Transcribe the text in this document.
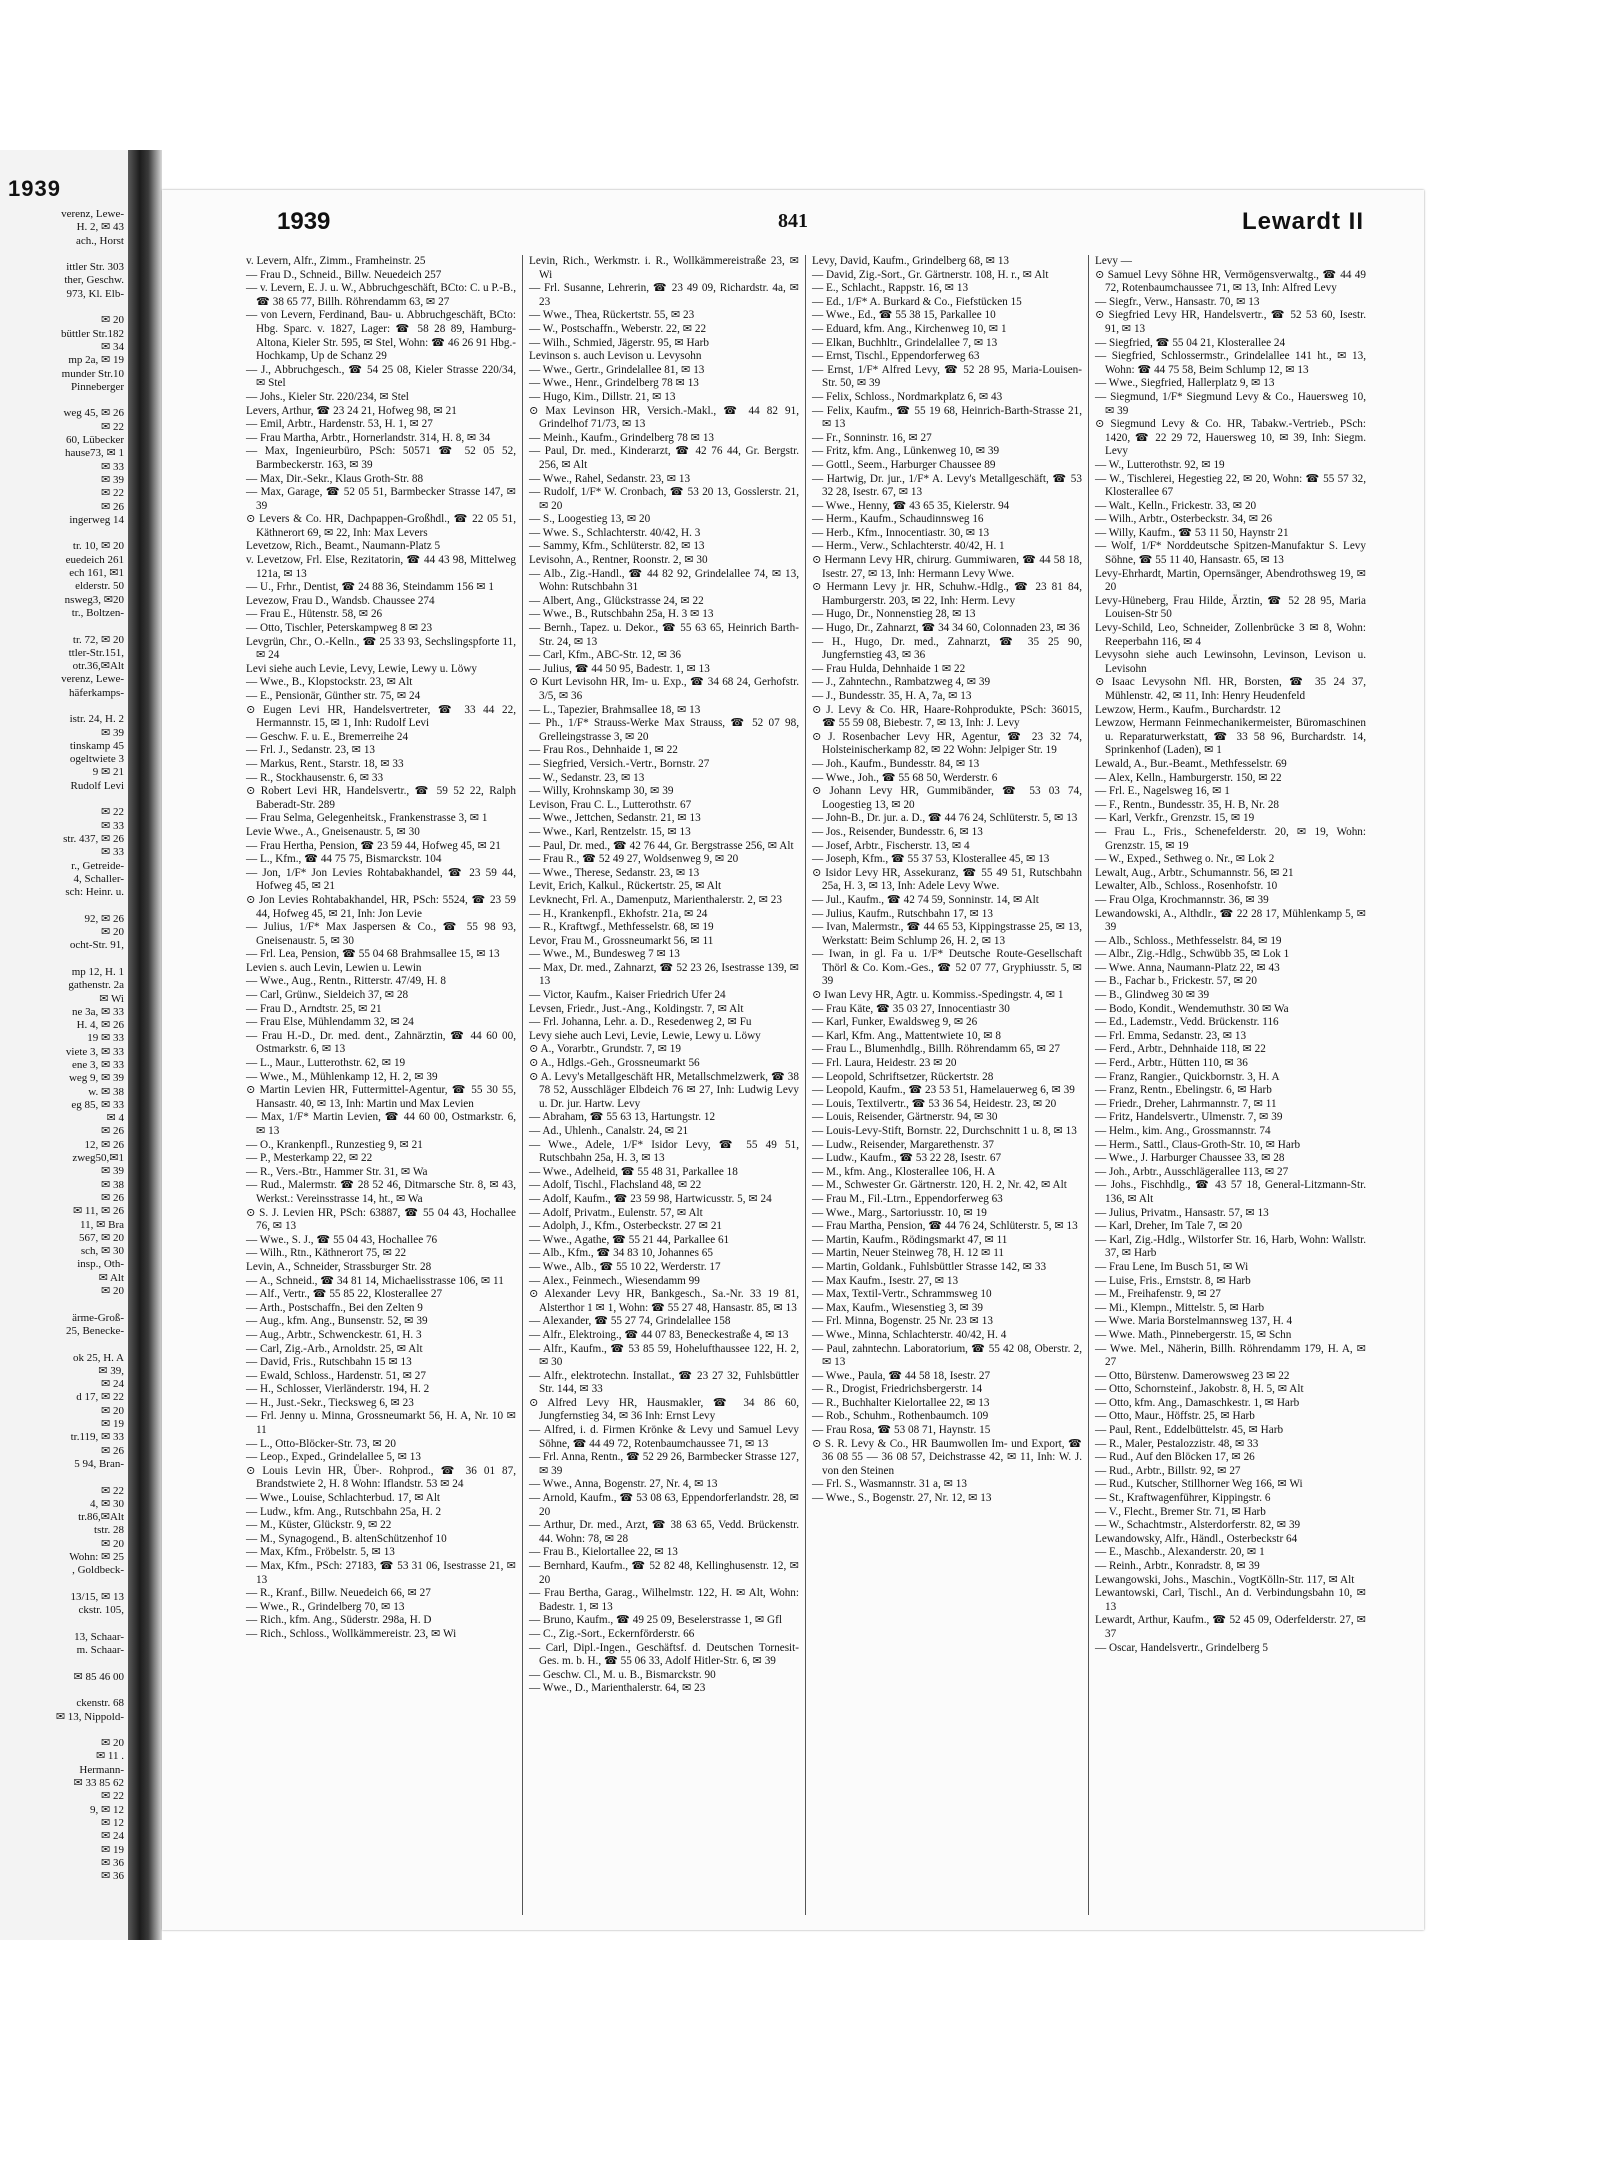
1939
verenz, Lewe-
H. 2, ✉ 43
ach., Horst

ittler Str. 303
ther, Geschw.
973, Kl. Elb-

✉ 20
büttler Str.182
✉ 34
mp 2a, ✉ 19
munder Str.10
Pinneberger

weg 45, ✉ 26
✉ 22
60, Lübecker
hause73, ✉ 1
✉ 33
✉ 39
✉ 22
✉ 26
ingerweg 14

tr. 10, ✉ 20
euedeich 261
ech 161, ✉1
elderstr. 50
nsweg3, ✉20
tr., Boltzen-

tr. 72, ✉ 20
ttler-Str.151,
otr.36,✉Alt
verenz, Lewe-
häferkamps-

istr. 24, H. 2
✉ 39
tinskamp 45
ogeltwiete 3
9 ✉ 21
Rudolf Levi

✉ 22
✉ 33
str. 437, ✉ 26
✉ 33
r., Getreide-
4, Schaller-
sch: Heinr. u.

92, ✉ 26
✉ 20
ocht-Str. 91,

mp 12, H. 1
gathenstr. 2a
✉ Wi
ne 3a, ✉ 33
H. 4, ✉ 26
19 ✉ 33
viete 3, ✉ 33
ene 3, ✉ 33
weg 9, ✉ 39
w. ✉ 38
eg 85, ✉ 33
✉ 4
✉ 26
12, ✉ 26
zweg50,✉1
✉ 39
✉ 38
✉ 26
✉ 11, ✉ 26
11, ✉ Bra
567, ✉ 20
sch, ✉ 30
insp., Oth-
✉ Alt
✉ 20

ärme-Groß-
25, Benecke-

ok 25, H. A
✉ 39,
✉ 24
d 17, ✉ 22
✉ 20
✉ 19
tr.119, ✉ 33
✉ 26
5 94, Bran-

✉ 22
4, ✉ 30
tr.86,✉Alt
tstr. 28
✉ 20
Wohn: ✉ 25
, Goldbeck-

13/15, ✉ 13
ckstr. 105,

13, Schaar-
m. Schaar-

✉ 85 46 00

ckenstr. 68
✉ 13, Nippold-

✉ 20
✉ 11 .
Hermann-
✉ 33 85 62
✉ 22
9, ✉ 12
✉ 12
✉ 24
✉ 19
✉ 36
✉ 36
1939	841	Lewardt II

v. Levern, Alfr., Zimm., Framheinstr. 25

— Frau D., Schneid., Billw. Neuedeich 257

— v. Levern, E. J. u. W., Abbruchgeschäft, BCto: C. u P.-B., ☎ 38 65 77, Billh. Röhrendamm 63, ✉ 27

— von Levern, Ferdinand, Bau- u. Abbruchgeschäft, BCto: Hbg. Sparc. v. 1827, Lager: ☎ 58 28 89, Hamburg-Altona, Kieler Str. 595, ✉ Stel, Wohn: ☎ 46 26 91 Hbg.-Hochkamp, Up de Schanz 29

— J., Abbruchgesch., ☎ 54 25 08, Kieler Strasse 220/34, ✉ Stel

— Johs., Kieler Str. 220/234, ✉ Stel

Levers, Arthur, ☎ 23 24 21, Hofweg 98, ✉ 21

— Emil, Arbtr., Hardenstr. 53, H. 1, ✉ 27

— Frau Martha, Arbtr., Hornerlandstr. 314, H. 8, ✉ 34

— Max, Ingenieurbüro, PSch: 50571 ☎ 52 05 52, Barmbeckerstr. 163, ✉ 39

— Max, Dir.-Sekr., Klaus Groth-Str. 88

— Max, Garage, ☎ 52 05 51, Barmbecker Strasse 147, ✉ 39

⊙ Levers & Co. HR, Dachpappen-Großhdl., ☎ 22 05 51, Käthnerort 69, ✉ 22, Inh: Max Levers

Levetzow, Rich., Beamt., Naumann-Platz 5

v. Levetzow, Frl. Else, Rezitatorin, ☎ 44 43 98, Mittelweg 121a, ✉ 13

— U., Frhr., Dentist, ☎ 24 88 36, Steindamm 156 ✉ 1

Levezow, Frau D., Wandsb. Chaussee 274

— Frau E., Hütenstr. 58, ✉ 26

— Otto, Tischler, Peterskampweg 8 ✉ 23

Levgrün, Chr., O.-Kelln., ☎ 25 33 93, Sechslingspforte 11, ✉ 24

Levi siehe auch Levie, Levy, Lewie, Lewy u. Löwy

— Wwe., B., Klopstockstr. 23, ✉ Alt

— E., Pensionär, Günther str. 75, ✉ 24

⊙ Eugen Levi HR, Handelsvertreter, ☎ 33 44 22, Hermannstr. 15, ✉ 1, Inh: Rudolf Levi

— Geschw. F. u. E., Bremerreihe 24

— Frl. J., Sedanstr. 23, ✉ 13

— Markus, Rent., Starstr. 18, ✉ 33

— R., Stockhausenstr. 6, ✉ 33

⊙ Robert Levi HR, Handelsvertr., ☎ 59 52 22, Ralph Baberadt-Str. 289

— Frau Selma, Gelegenheitsk., Frankenstrasse 3, ✉ 1

Levie Wwe., A., Gneisenaustr. 5, ✉ 30

— Frau Hertha, Pension, ☎ 23 59 44, Hofweg 45, ✉ 21

— L., Kfm., ☎ 44 75 75, Bismarckstr. 104

— Jon, 1/F* Jon Levies Rohtabakhandel, ☎ 23 59 44, Hofweg 45, ✉ 21

⊙ Jon Levies Rohtabakhandel, HR, PSch: 5524, ☎ 23 59 44, Hofweg 45, ✉ 21, Inh: Jon Levie

— Julius, 1/F* Max Jaspersen & Co., ☎ 55 98 93, Gneisenaustr. 5, ✉ 30

— Frl. Lea, Pension, ☎ 55 04 68 Brahmsallee 15, ✉ 13

Levien s. auch Levin, Lewien u. Lewin

— Wwe., Aug., Rentn., Ritterstr. 47/49, H. 8

— Carl, Grünw., Sieldeich 37, ✉ 28

— Frau D., Arndtstr. 25, ✉ 21

— Frau Else, Mühlendamm 32, ✉ 24

— Frau H.-D., Dr. med. dent., Zahnärztin, ☎ 44 60 00, Ostmarkstr. 6, ✉ 13

— L., Maur., Lutterothstr. 62, ✉ 19

— Wwe., M., Mühlenkamp 12, H. 2, ✉ 39

⊙ Martin Levien HR, Futtermittel-Agentur, ☎ 55 30 55, Hansastr. 40, ✉ 13, Inh: Martin und Max Levien

— Max, 1/F* Martin Levien, ☎ 44 60 00, Ostmarkstr. 6, ✉ 13

— O., Krankenpfl., Runzestieg 9, ✉ 21

— P., Mesterkamp 22, ✉ 22

— R., Vers.-Btr., Hammer Str. 31, ✉ Wa

— Rud., Malermstr. ☎ 28 52 46, Ditmarsche Str. 8, ✉ 43, Werkst.: Vereinsstrasse 14, ht., ✉ Wa

⊙ S. J. Levien HR, PSch: 63887, ☎ 55 04 43, Hochallee 76, ✉ 13

— Wwe., S. J., ☎ 55 04 43, Hochallee 76

— Wilh., Rtn., Käthnerort 75, ✉ 22

Levin, A., Schneider, Strassburger Str. 28

— A., Schneid., ☎ 34 81 14, Michaelisstrasse 106, ✉ 11

— Alf., Vertr., ☎ 55 85 22, Klosterallee 27

— Arth., Postschaffn., Bei den Zelten 9

— Aug., kfm. Ang., Bunsenstr. 52, ✉ 39

— Aug., Arbtr., Schwenckestr. 61, H. 3

— Carl, Zig.-Arb., Arnoldstr. 25, ✉ Alt

— David, Fris., Rutschbahn 15 ✉ 13

— Ewald, Schloss., Hardenstr. 51, ✉ 27

— H., Schlosser, Vierländerstr. 194, H. 2

— H., Just.-Sekr., Tiecksweg 6, ✉ 23

— Frl. Jenny u. Minna, Grossneumarkt 56, H. A, Nr. 10 ✉ 11

— L., Otto-Blöcker-Str. 73, ✉ 20

— Leop., Exped., Grindelallee 5, ✉ 13

⊙ Louis Levin HR, Über-. Rohprod., ☎ 36 01 87, Brandstwiete 2, H. 8 Wohn: Iflandstr. 53 ✉ 24

— Wwe., Louise, Schlachterbud. 17, ✉ Alt

— Ludw., kfm. Ang., Rutschbahn 25a, H. 2

— M., Küster, Glückstr. 9, ✉ 22

— M., Synagogend., B. altenSchützenhof 10

— Max, Kfm., Fröbelstr. 5, ✉ 13

— Max, Kfm., PSch: 27183, ☎ 53 31 06, Isestrasse 21, ✉ 13

— R., Kranf., Billw. Neuedeich 66, ✉ 27

— Wwe., R., Grindelberg 70, ✉ 13

— Rich., kfm. Ang., Süderstr. 298a, H. D

— Rich., Schloss., Wollkämmereistr. 23, ✉ Wi

Levin, Rich., Werkmstr. i. R., Wollkämmereistraße 23, ✉ Wi

— Frl. Susanne, Lehrerin, ☎ 23 49 09, Richardstr. 4a, ✉ 23

— Wwe., Thea, Rückertstr. 55, ✉ 23

— W., Postschaffn., Weberstr. 22, ✉ 22

— Wilh., Schmied, Jägerstr. 95, ✉ Harb

Levinson s. auch Levison u. Levysohn

— Wwe., Gertr., Grindelallee 81, ✉ 13

— Wwe., Henr., Grindelberg 78 ✉ 13

— Hugo, Kim., Dillstr. 21, ✉ 13

⊙ Max Levinson HR, Versich.-Makl., ☎ 44 82 91, Grindelhof 71/73, ✉ 13

— Meinh., Kaufm., Grindelberg 78 ✉ 13

— Paul, Dr. med., Kinderarzt, ☎ 42 76 44, Gr. Bergstr. 256, ✉ Alt

— Wwe., Rahel, Sedanstr. 23, ✉ 13

— Rudolf, 1/F* W. Cronbach, ☎ 53 20 13, Gosslerstr. 21, ✉ 20

— S., Loogestieg 13, ✉ 20

— Wwe. S., Schlachterstr. 40/42, H. 3

— Sammy, Kfm., Schlüterstr. 82, ✉ 13

Levisohn, A., Rentner, Roonstr. 2, ✉ 30

— Alb., Zig.-Handl., ☎ 44 82 92, Grindelallee 74, ✉ 13, Wohn: Rutschbahn 31

— Albert, Ang., Glückstrasse 24, ✉ 22

— Wwe., B., Rutschbahn 25a, H. 3 ✉ 13

— Bernh., Tapez. u. Dekor., ☎ 55 63 65, Heinrich Barth-Str. 24, ✉ 13

— Carl, Kfm., ABC-Str. 12, ✉ 36

— Julius, ☎ 44 50 95, Badestr. 1, ✉ 13

⊙ Kurt Levisohn HR, Im- u. Exp., ☎ 34 68 24, Gerhofstr. 3/5, ✉ 36

— L., Tapezier, Brahmsallee 18, ✉ 13

— Ph., 1/F* Strauss-Werke Max Strauss, ☎ 52 07 98, Grelleingstrasse 3, ✉ 20

— Frau Ros., Dehnhaide 1, ✉ 22

— Siegfried, Versich.-Vertr., Bornstr. 27

— W., Sedanstr. 23, ✉ 13

— Willy, Krohnskamp 30, ✉ 39

Levison, Frau C. L., Lutterothstr. 67

— Wwe., Jettchen, Sedanstr. 21, ✉ 13

— Wwe., Karl, Rentzelstr. 15, ✉ 13

— Paul, Dr. med., ☎ 42 76 44, Gr. Bergstrasse 256, ✉ Alt

— Frau R., ☎ 52 49 27, Woldsenweg 9, ✉ 20

— Wwe., Therese, Sedanstr. 23, ✉ 13

Levit, Erich, Kalkul., Rückertstr. 25, ✉ Alt

Levknecht, Frl. A., Damenputz, Marienthalerstr. 2, ✉ 23

— H., Krankenpfl., Ekhofstr. 21a, ✉ 24

— R., Kraftwgf., Methfesselstr. 68, ✉ 19

Levor, Frau M., Grossneumarkt 56, ✉ 11

— Wwe., M., Bundesweg 7 ✉ 13

— Max, Dr. med., Zahnarzt, ☎ 52 23 26, Isestrasse 139, ✉ 13

— Victor, Kaufm., Kaiser Friedrich Ufer 24

Levsen, Friedr., Just.-Ang., Koldingstr. 7, ✉ Alt

— Frl. Johanna, Lehr. a. D., Resedenweg 2, ✉ Fu

Levy siehe auch Levi, Levie, Lewie, Lewy u. Löwy

⊙ A., Vorarbtr., Grundstr. 7, ✉ 19

⊙ A., Hdlgs.-Geh., Grossneumarkt 56

⊙ A. Levy's Metallgeschäft HR, Metallschmelzwerk, ☎ 38 78 52, Ausschläger Elbdeich 76 ✉ 27, Inh: Ludwig Levy u. Dr. jur. Hartw. Levy

— Abraham, ☎ 55 63 13, Hartungstr. 12

— Ad., Uhlenh., Canalstr. 24, ✉ 21

— Wwe., Adele, 1/F* Isidor Levy, ☎ 55 49 51, Rutschbahn 25a, H. 3, ✉ 13

— Wwe., Adelheid, ☎ 55 48 31, Parkallee 18

— Adolf, Tischl., Flachsland 48, ✉ 22

— Adolf, Kaufm., ☎ 23 59 98, Hartwicusstr. 5, ✉ 24

— Adolf, Privatm., Eulenstr. 57, ✉ Alt

— Adolph, J., Kfm., Osterbeckstr. 27 ✉ 21

— Wwe., Agathe, ☎ 55 21 44, Parkallee 61

— Alb., Kfm., ☎ 34 83 10, Johannes 65

— Wwe., Alb., ☎ 55 10 22, Werderstr. 17

— Alex., Feinmech., Wiesendamm 99

⊙ Alexander Levy HR, Bankgesch., Sa.-Nr. 33 19 81, Alsterthor 1 ✉ 1, Wohn: ☎ 55 27 48, Hansastr. 85, ✉ 13

— Alexander, ☎ 55 27 74, Grindelallee 158

— Alfr., Elektroing., ☎ 44 07 83, Beneckestraße 4, ✉ 13

— Alfr., Kaufm., ☎ 53 85 59, Hohelufthaussee 122, H. 2, ✉ 30

— Alfr., elektrotechn. Installat., ☎ 23 27 32, Fuhlsbüttler Str. 144, ✉ 33

⊙ Alfred Levy HR, Hausmakler, ☎ 34 86 60, Jungfernstieg 34, ✉ 36 Inh: Ernst Levy

— Alfred, i. d. Firmen Krönke & Levy und Samuel Levy Söhne, ☎ 44 49 72, Rotenbaumchaussee 71, ✉ 13

— Frl. Anna, Rentn., ☎ 52 29 26, Barmbecker Strasse 127, ✉ 39

— Wwe., Anna, Bogenstr. 27, Nr. 4, ✉ 13

— Arnold, Kaufm., ☎ 53 08 63, Eppendorferlandstr. 28, ✉ 20

— Arthur, Dr. med., Arzt, ☎ 38 63 65, Vedd. Brückenstr. 44. Wohn: 78, ✉ 28

— Frau B., Kielortallee 22, ✉ 13

— Bernhard, Kaufm., ☎ 52 82 48, Kellinghusenstr. 12, ✉ 20

— Frau Bertha, Garag., Wilhelmstr. 122, H. ✉ Alt, Wohn: Badestr. 1, ✉ 13

— Bruno, Kaufm., ☎ 49 25 09, Beselerstrasse 1, ✉ Gfl

— C., Zig.-Sort., Eckernförderstr. 66

— Carl, Dipl.-Ingen., Geschäftsf. d. Deutschen Tornesit-Ges. m. b. H., ☎ 55 06 33, Adolf Hitler-Str. 6, ✉ 39

— Geschw. Cl., M. u. B., Bismarckstr. 90

— Wwe., D., Marienthalerstr. 64, ✉ 23

Levy, David, Kaufm., Grindelberg 68, ✉ 13

— David, Zig.-Sort., Gr. Gärtnerstr. 108, H. r., ✉ Alt

— E., Schlacht., Rappstr. 16, ✉ 13

— Ed., 1/F* A. Burkard & Co., Fiefstücken 15

— Wwe., Ed., ☎ 55 38 15, Parkallee 10

— Eduard, kfm. Ang., Kirchenweg 10, ✉ 1

— Elkan, Buchhltr., Grindelallee 7, ✉ 13

— Ernst, Tischl., Eppendorferweg 63

— Ernst, 1/F* Alfred Levy, ☎ 52 28 95, Maria-Louisen-Str. 50, ✉ 39

— Felix, Schloss., Nordmarkplatz 6, ✉ 43

— Felix, Kaufm., ☎ 55 19 68, Heinrich-Barth-Strasse 21, ✉ 13

— Fr., Sonninstr. 16, ✉ 27

— Fritz, kfm. Ang., Lünkenweg 10, ✉ 39

— Gottl., Seem., Harburger Chaussee 89

— Hartwig, Dr. jur., 1/F* A. Levy's Metallgeschäft, ☎ 53 32 28, Isestr. 67, ✉ 13

— Wwe., Henny, ☎ 43 65 35, Kielerstr. 94

— Herm., Kaufm., Schaudinnsweg 16

— Herb., Kfm., Innocentiastr. 30, ✉ 13

— Herm., Verw., Schlachterstr. 40/42, H. 1

⊙ Hermann Levy HR, chirurg. Gummiwaren, ☎ 44 58 18, Isestr. 27, ✉ 13, Inh: Hermann Levy Wwe.

⊙ Hermann Levy jr. HR, Schuhw.-Hdlg., ☎ 23 81 84, Hamburgerstr. 203, ✉ 22, Inh: Herm. Levy

— Hugo, Dr., Nonnenstieg 28, ✉ 13

— Hugo, Dr., Zahnarzt, ☎ 34 34 60, Colonnaden 23, ✉ 36

— H., Hugo, Dr. med., Zahnarzt, ☎ 35 25 90, Jungfernstieg 43, ✉ 36

— Frau Hulda, Dehnhaide 1 ✉ 22

— J., Zahntechn., Rambatzweg 4, ✉ 39

— J., Bundesstr. 35, H. A, 7a, ✉ 13

⊙ J. Levy & Co. HR, Haare-Rohprodukte, PSch: 36015, ☎ 55 59 08, Biebestr. 7, ✉ 13, Inh: J. Levy

⊙ J. Rosenbacher Levy HR, Agentur, ☎ 23 32 74, Holsteinischerkamp 82, ✉ 22 Wohn: Jelpiger Str. 19

— Joh., Kaufm., Bundesstr. 84, ✉ 13

— Wwe., Joh., ☎ 55 68 50, Werderstr. 6

⊙ Johann Levy HR, Gummibänder, ☎ 53 03 74, Loogestieg 13, ✉ 20

— John-B., Dr. jur. a. D., ☎ 44 76 24, Schlüterstr. 5, ✉ 13

— Jos., Reisender, Bundesstr. 6, ✉ 13

— Josef, Arbtr., Fischerstr. 13, ✉ 4

— Joseph, Kfm., ☎ 55 37 53, Klosterallee 45, ✉ 13

⊙ Isidor Levy HR, Assekuranz, ☎ 55 49 51, Rutschbahn 25a, H. 3, ✉ 13, Inh: Adele Levy Wwe.

— Jul., Kaufm., ☎ 42 74 59, Sonninstr. 14, ✉ Alt

— Julius, Kaufm., Rutschbahn 17, ✉ 13

— Ivan, Malermstr., ☎ 44 65 53, Kippingstrasse 25, ✉ 13, Werkstatt: Beim Schlump 26, H. 2, ✉ 13

— Iwan, in gl. Fa u. 1/F* Deutsche Route-Gesellschaft Thörl & Co. Kom.-Ges., ☎ 52 07 77, Gryphiusstr. 5, ✉ 39

⊙ Iwan Levy HR, Agtr. u. Kommiss.-Spedingstr. 4, ✉ 1

— Frau Käte, ☎ 35 03 27, Innocentiastr 30

— Karl, Funker, Ewaldsweg 9, ✉ 26

— Karl, Kfm. Ang., Mattentwiete 10, ✉ 8

— Frau L., Blumenhdlg., Billh. Röhrendamm 65, ✉ 27

— Frl. Laura, Heidestr. 23 ✉ 20

— Leopold, Schriftsetzer, Rückertstr. 28

— Leopold, Kaufm., ☎ 23 53 51, Hamelauerweg 6, ✉ 39

— Louis, Textilvertr., ☎ 53 36 54, Heidestr. 23, ✉ 20

— Louis, Reisender, Gärtnerstr. 94, ✉ 30

— Louis-Levy-Stift, Bornstr. 22, Durchschnitt 1 u. 8, ✉ 13

— Ludw., Reisender, Margarethenstr. 37

— Ludw., Kaufm., ☎ 53 22 28, Isestr. 67

— M., kfm. Ang., Klosterallee 106, H. A

— M., Schwester Gr. Gärtnerstr. 120, H. 2, Nr. 42, ✉ Alt

— Frau M., Fil.-Ltrn., Eppendorferweg 63

— Wwe., Marg., Sartoriusstr. 10, ✉ 19

— Frau Martha, Pension, ☎ 44 76 24, Schlüterstr. 5, ✉ 13

— Martin, Kaufm., Rödingsmarkt 47, ✉ 11

— Martin, Neuer Steinweg 78, H. 12 ✉ 11

— Martin, Goldank., Fuhlsbüttler Strasse 142, ✉ 33

— Max Kaufm., Isestr. 27, ✉ 13

— Max, Textil-Vertr., Schrammsweg 10

— Max, Kaufm., Wiesenstieg 3, ✉ 39

— Frl. Minna, Bogenstr. 25 Nr. 23 ✉ 13

— Wwe., Minna, Schlachterstr. 40/42, H. 4

— Paul, zahntechn. Laboratorium, ☎ 55 42 08, Oberstr. 2, ✉ 13

— Wwe., Paula, ☎ 44 58 18, Isestr. 27

— R., Drogist, Friedrichsbergerstr. 14

— R., Buchhalter Kielortallee 22, ✉ 13

— Rob., Schuhm., Rothenbaumch. 109

— Frau Rosa, ☎ 53 08 71, Haynstr. 15

⊙ S. R. Levy & Co., HR Baumwollen Im- und Export, ☎ 36 08 55 — 36 08 57, Deichstrasse 42, ✉ 11, Inh: W. J. von den Steinen

— Frl. S., Wasmannstr. 31 a, ✉ 13

— Wwe., S., Bogenstr. 27, Nr. 12, ✉ 13

Levy —

⊙ Samuel Levy Söhne HR, Vermögensverwaltg., ☎ 44 49 72, Rotenbaumchaussee 71, ✉ 13, Inh: Alfred Levy

— Siegfr., Verw., Hansastr. 70, ✉ 13

⊙ Siegfried Levy HR, Handelsvertr., ☎ 52 53 60, Isestr. 91, ✉ 13

— Siegfried, ☎ 55 04 21, Klosterallee 24

— Siegfried, Schlossermstr., Grindelallee 141 ht., ✉ 13, Wohn: ☎ 44 75 58, Beim Schlump 12, ✉ 13

— Wwe., Siegfried, Hallerplatz 9, ✉ 13

— Siegmund, 1/F* Siegmund Levy & Co., Hauersweg 10, ✉ 39

⊙ Siegmund Levy & Co. HR, Tabakw.-Vertrieb., PSch: 1420, ☎ 22 29 72, Hauersweg 10, ✉ 39, Inh: Siegm. Levy

— W., Lutterothstr. 92, ✉ 19

— W., Tischlerei, Hegestieg 22, ✉ 20, Wohn: ☎ 55 57 32, Klosterallee 67

— Walt., Kelln., Frickestr. 33, ✉ 20

— Wilh., Arbtr., Osterbeckstr. 34, ✉ 26

— Willy, Kaufm., ☎ 53 11 50, Haynstr 21

— Wolf, 1/F* Norddeutsche Spitzen-Manufaktur S. Levy Söhne, ☎ 55 11 40, Hansastr. 65, ✉ 13

Levy-Ehrhardt, Martin, Opernsänger, Abendrothsweg 19, ✉ 20

Levy-Hüneberg, Frau Hilde, Ärztin, ☎ 52 28 95, Maria Louisen-Str 50

Levy-Schild, Leo, Schneider, Zollenbrücke 3 ✉ 8, Wohn: Reeperbahn 116, ✉ 4

Levysohn siehe auch Lewinsohn, Levinson, Levison u. Levisohn

⊙ Isaac Levysohn Nfl. HR, Borsten, ☎ 35 24 37, Mühlenstr. 42, ✉ 11, Inh: Henry Heudenfeld

Lewzow, Herm., Kaufm., Burchardstr. 12

Lewzow, Hermann Feinmechanikermeister, Büromaschinen u. Reparaturwerkstatt, ☎ 33 58 96, Burchardstr. 14, Sprinkenhof (Laden), ✉ 1

Lewald, A., Bur.-Beamt., Methfesselstr. 69

— Alex, Kelln., Hamburgerstr. 150, ✉ 22

— Frl. E., Nagelsweg 16, ✉ 1

— F., Rentn., Bundesstr. 35, H. B, Nr. 28

— Karl, Verkfr., Grenzstr. 15, ✉ 19

— Frau L., Fris., Schenefelderstr. 20, ✉ 19, Wohn: Grenzstr. 15, ✉ 19

— W., Exped., Sethweg o. Nr., ✉ Lok 2

Lewalt, Aug., Arbtr., Schumannstr. 56, ✉ 21

Lewalter, Alb., Schloss., Rosenhofstr. 10

— Frau Olga, Krochmannstr. 36, ✉ 39

Lewandowski, A., Althdlr., ☎ 22 28 17, Mühlenkamp 5, ✉ 39

— Alb., Schloss., Methfesselstr. 84, ✉ 19

— Albr., Zig.-Hdlg., Schwübb 35, ✉ Lok 1

— Wwe. Anna, Naumann-Platz 22, ✉ 43

— B., Fachar b., Frickestr. 57, ✉ 20

— B., Glindweg 30 ✉ 39

— Bodo, Kondit., Wendemuthstr. 30 ✉ Wa

— Ed., Lademstr., Vedd. Brückenstr. 116

— Frl. Emma, Sedanstr. 23, ✉ 13

— Ferd., Arbtr., Dehnhaide 118, ✉ 22

— Ferd., Arbtr., Hütten 110, ✉ 36

— Franz, Rangier., Quickbornstr. 3, H. A

— Franz, Rentn., Ebelingstr. 6, ✉ Harb

— Friedr., Dreher, Lahrmannstr. 7, ✉ 11

— Fritz, Handelsvertr., Ulmenstr. 7, ✉ 39

— Helm., kim. Ang., Grossmannstr. 74

— Herm., Sattl., Claus-Groth-Str. 10, ✉ Harb

— Wwe., J. Harburger Chaussee 33, ✉ 28

— Joh., Arbtr., Ausschlägerallee 113, ✉ 27

— Johs., Fischhdlg., ☎ 43 57 18, General-Litzmann-Str. 136, ✉ Alt

— Julius, Privatm., Hansastr. 57, ✉ 13

— Karl, Dreher, Im Tale 7, ✉ 20

— Karl, Zig.-Hdlg., Wilstorfer Str. 16, Harb, Wohn: Wallstr. 37, ✉ Harb

— Frau Lene, Im Busch 51, ✉ Wi

— Luise, Fris., Ernststr. 8, ✉ Harb

— M., Freihafenstr. 9, ✉ 27

— Mi., Klempn., Mittelstr. 5, ✉ Harb

— Wwe. Maria Borstelmannsweg 137, H. 4

— Wwe. Math., Pinnebergerstr. 15, ✉ Schn

— Wwe. Mel., Näherin, Billh. Röhrendamm 179, H. A, ✉ 27

— Otto, Bürstenw. Damerowsweg 23 ✉ 22

— Otto, Schornsteinf., Jakobstr. 8, H. 5, ✉ Alt

— Otto, kfm. Ang., Damaschkestr. 1, ✉ Harb

— Otto, Maur., Höffstr. 25, ✉ Harb

— Paul, Rent., Eddelbüttelstr. 45, ✉ Harb

— R., Maler, Pestalozzistr. 48, ✉ 33

— Rud., Auf den Blöcken 17, ✉ 26

— Rud., Arbtr., Billstr. 92, ✉ 27

— Rud., Kutscher, Stillhorner Weg 166, ✉ Wi

— St., Kraftwagenführer, Kippingstr. 6

— V., Flecht., Bremer Str. 71, ✉ Harb

— W., Schachtmstr., Alsterdorferstr. 82, ✉ 39

Lewandowsky, Alfr., Händl., Osterbeckstr 64

— E., Maschb., Alexanderstr. 20, ✉ 1

— Reinh., Arbtr., Konradstr. 8, ✉ 39

Lewangowski, Johs., Maschin., VogtKölln-Str. 117, ✉ Alt

Lewantowski, Carl, Tischl., An d. Verbindungsbahn 10, ✉ 13

Lewardt, Arthur, Kaufm., ☎ 52 45 09, Oderfelderstr. 27, ✉ 37

— Oscar, Handelsvertr., Grindelberg 5
